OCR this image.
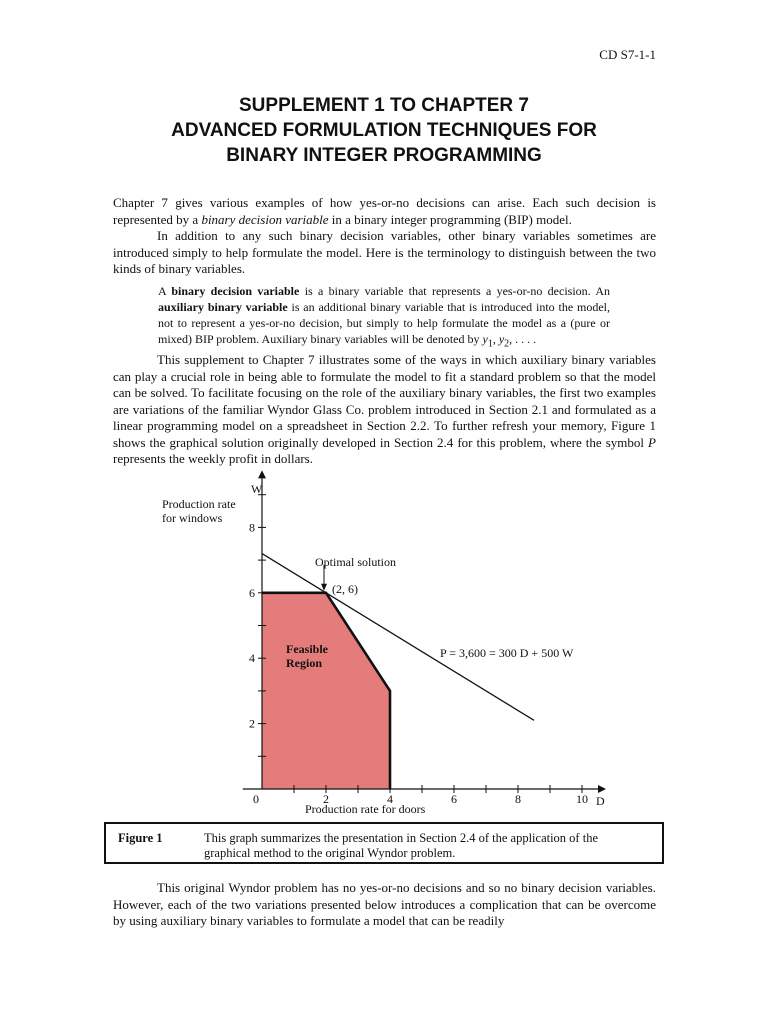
CD S7-1-1
SUPPLEMENT 1 TO CHAPTER 7
ADVANCED FORMULATION TECHNIQUES FOR
BINARY INTEGER PROGRAMMING

Chapter 7 gives various examples of how yes-or-no decisions can arise. Each such decision is represented by a binary decision variable in a binary integer programming (BIP) model.

In addition to any such binary decision variables, other binary variables sometimes are introduced simply to help formulate the model. Here is the terminology to distinguish between the two kinds of binary variables.

A binary decision variable is a binary variable that represents a yes-or-no decision. An auxiliary binary variable is an additional binary variable that is introduced into the model, not to represent a yes-or-no decision, but simply to help formulate the model as a (pure or mixed) BIP problem. Auxiliary binary variables will be denoted by $y_1$, $y_2$, . . . .

This supplement to Chapter 7 illustrates some of the ways in which auxiliary binary variables can play a crucial role in being able to formulate the model to fit a standard problem so that the model can be solved. To facilitate focusing on the role of the auxiliary binary variables, the first two examples are variations of the familiar Wyndor Glass Co. problem introduced in Section 2.1 and formulated as a linear programming model on a spreadsheet in Section 2.2. To further refresh your memory, Figure 1 shows the graphical solution originally developed in Section 2.4 for this problem, where the symbol P represents the weekly profit in dollars.

0	2	4	6	8	10
2
4
6
8
Production rate
for windows
W
D
Production rate for doors
Optimal solution
(2, 6)
P = 3,600 = 300 D + 500 W
Feasible
Region
Figure 1	This graph summarizes the presentation in Section 2.4 of the application of the graphical method to the original Wyndor problem.

This original Wyndor problem has no yes-or-no decisions and so no binary decision variables. However, each of the two variations presented below introduces a complication that can be overcome by using auxiliary binary variables to formulate a model that can be readily
